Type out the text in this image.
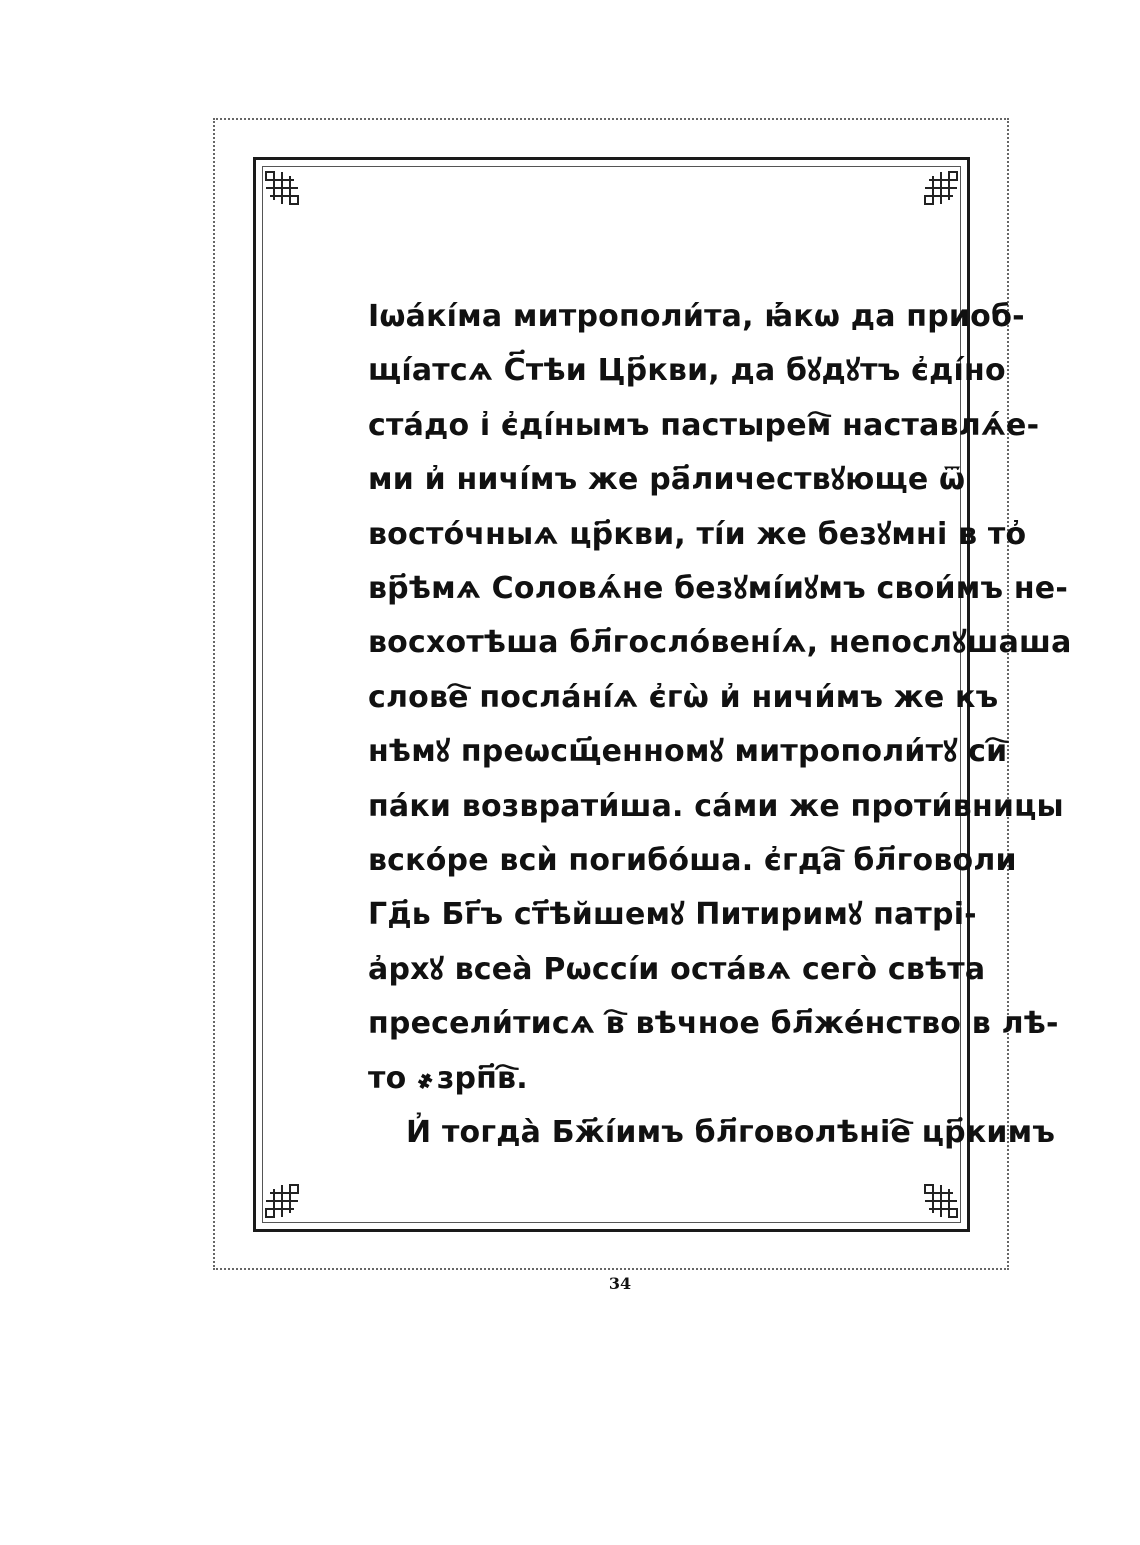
Іѡа́кі́ма митрополи́та, ꙗ҆́кѡ да приоб-
щі́атсѧ С҃тѣи Цр҃кви, да бꙋдꙋтъ є҆ді́но
ста́до і҆ є҆ді́нымъ пастырем҇ наставлѧ́е-
ми и҆ ничі́мъ же ра҃личествꙋюще ѿ
восто́чныѧ цр҃кви, ті́и же безꙋмні в то҆
вр҃ѣмѧ Соловѧ́не безꙋмі́иꙋмъ свои́мъ не-
восхотѣша бл҃госло́вені́ѧ, непослꙋшаша
слове҇ посла́ні́ѧ є҆гѡ̀ и҆ ничи́мъ же къ
нѣмꙋ преѡсщ҃енномꙋ митрополи́тꙋ си҇
па́ки возврати́ша. са́ми же проти́вницы
вско́ре всѝ погибо́ша. є҆гда҇ бл҃говоли
Гд҃ь Бг҃ъ ст҃ѣйшемꙋ Питиримꙋ патрі-
а҆рхꙋ всеа̀ Рѡссі́и оста́вѧ сего̀ свѣта
пресели́тисѧ в҇ вѣчное бл҃же́нство в лѣ-
то ҂зрп҃в҇.
И҆ тогда̀ Бж҃і́имъ бл҃говолѣніе҇ цр҃кимъ
34
